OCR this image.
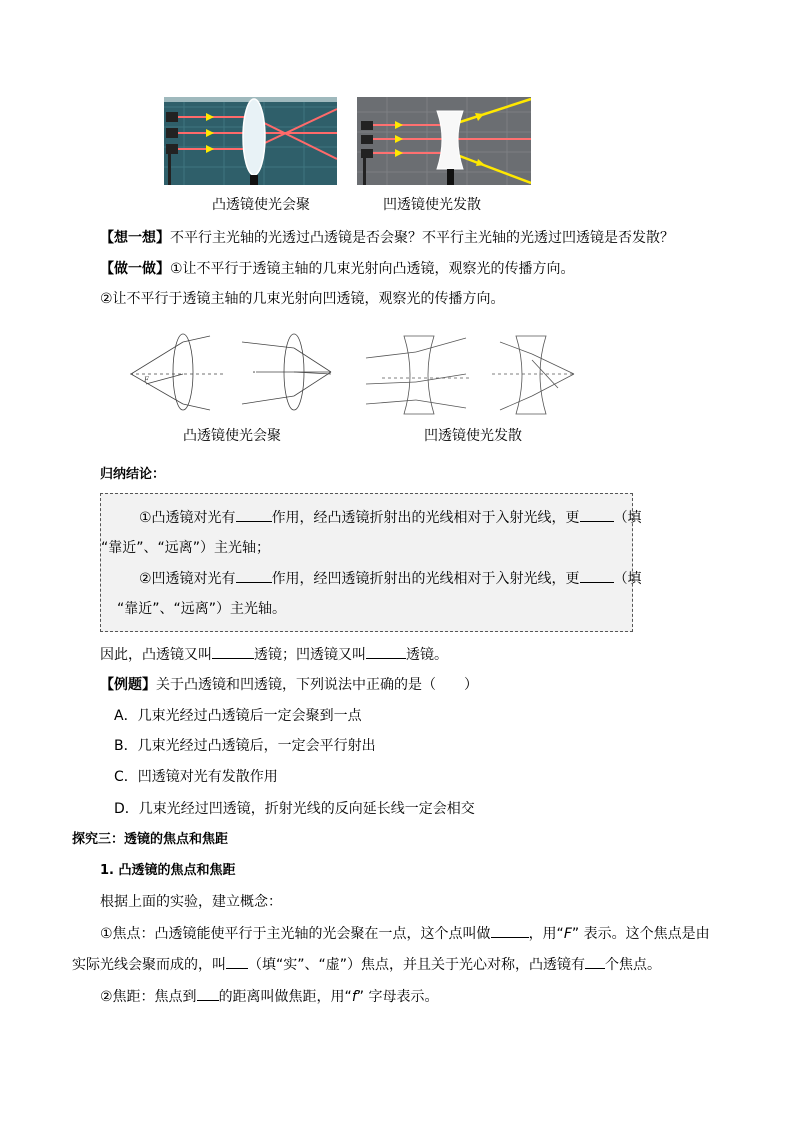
凸透镜使光会聚	凹透镜使光发散
【想一想】不平行主光轴的光透过凸透镜是否会聚？不平行主光轴的光透过凹透镜是否发散？
【做一做】①让不平行于透镜主轴的几束光射向凸透镜，观察光的传播方向。
②让不平行于透镜主轴的几束光射向凹透镜，观察光的传播方向。
F
凸透镜使光会聚	凹透镜使光发散
归纳结论：
①凸透镜对光有	作用，经凸透镜折射出的光线相对于入射光线，更 （填
“靠近”、“远离”）主光轴；
②凹透镜对光有	作用，经凹透镜折射出的光线相对于入射光线，更 （填
“靠近”、“远离”）主光轴。
因此，凸透镜又叫	透镜；凹透镜又叫	透镜。
【例题】关于凸透镜和凹透镜，下列说法中正确的是（　　）
A．几束光经过凸透镜后一定会聚到一点
B．几束光经过凸透镜后，一定会平行射出
C．凹透镜对光有发散作用
D．几束光经过凹透镜，折射光线的反向延长线一定会相交
探究三：透镜的焦点和焦距
1. 凸透镜的焦点和焦距
根据上面的实验，建立概念：
①焦点：凸透镜能使平行于主光轴的光会聚在一点，这个点叫做	，用“F” 表示。这个焦点是由
实际光线会聚而成的，叫 （填“实”、“虚”）焦点，并且关于光心对称，凸透镜有 个焦点。
②焦距：焦点到 的距离叫做焦距，用“f” 字母表示。
